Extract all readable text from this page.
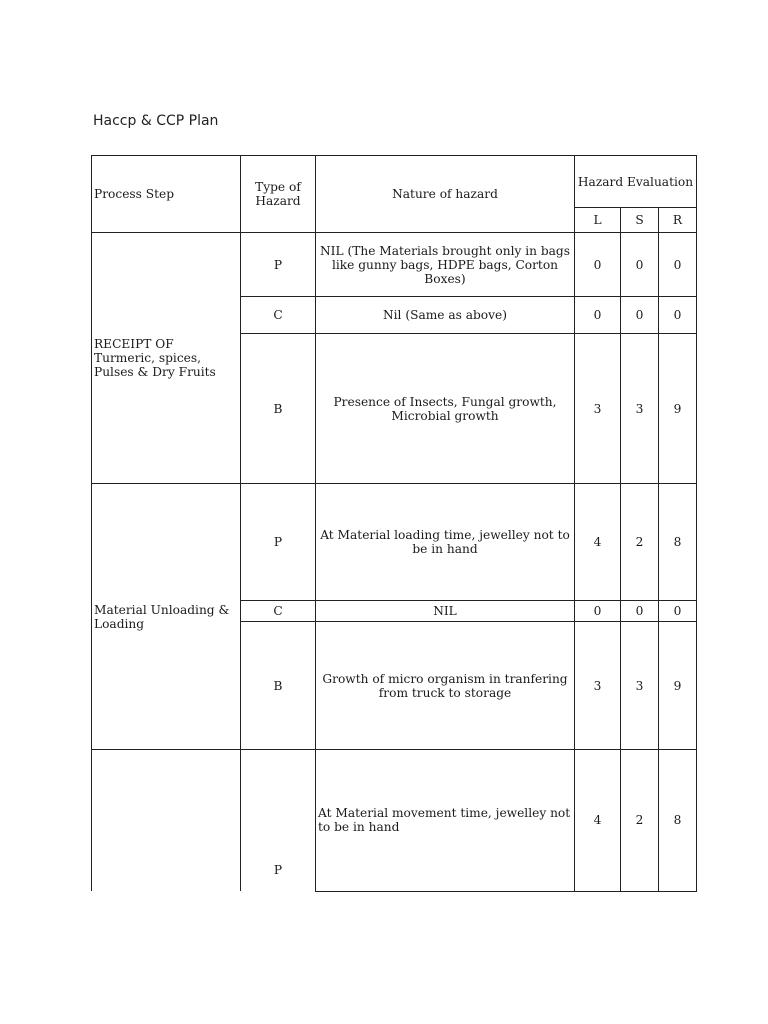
Haccp & CCP Plan
Process Step	Type of Hazard	Nature of hazard	Hazard Evaluation		
			L	S	R
RECEIPT OF Turmeric, spices, Pulses & Dry Fruits	P	NIL (The Materials brought only in bags like gunny bags, HDPE bags, Corton Boxes)	0	0	0
	C	Nil (Same as above)	0	0	0
	B	Presence of Insects, Fungal growth, Microbial growth	3	3	9
Material Unloading & Loading	P	At Material loading time, jewelley not to be in hand	4	2	8
	C	NIL	0	0	0
	B	Growth of micro organism in tranfering from truck to storage	3	3	9
	P	At Material movement time, jewelley not to be in hand	4	2	8
